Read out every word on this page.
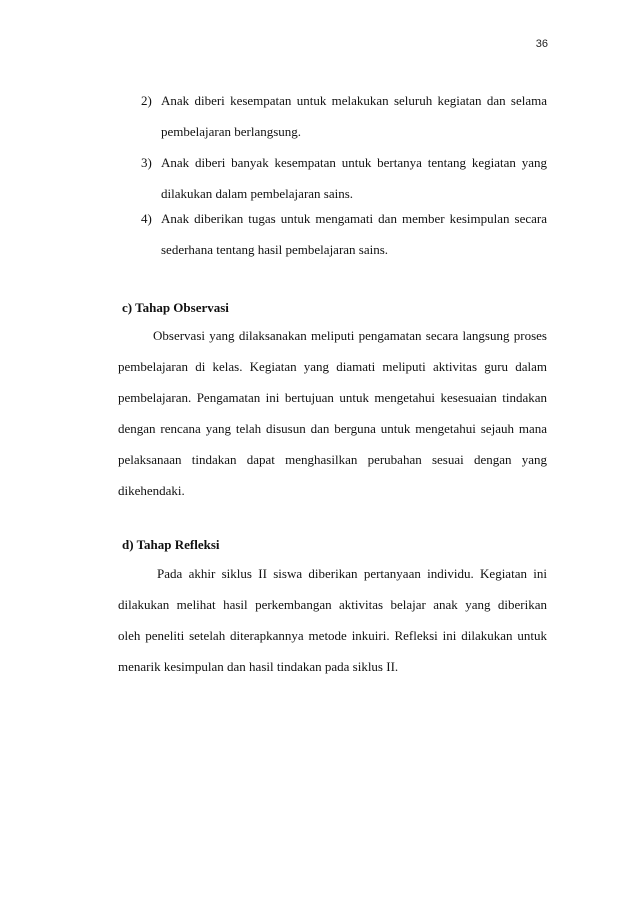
36
2) Anak diberi kesempatan untuk melakukan seluruh kegiatan dan selama
pembelajaran berlangsung.
3) Anak diberi banyak kesempatan untuk bertanya tentang kegiatan yang
dilakukan dalam pembelajaran sains.
4) Anak diberikan tugas untuk mengamati dan member kesimpulan secara
sederhana tentang hasil pembelajaran sains.
c) Tahap Observasi
Observasi yang dilaksanakan meliputi pengamatan secara langsung proses
pembelajaran di kelas. Kegiatan yang diamati meliputi aktivitas guru dalam
pembelajaran. Pengamatan ini bertujuan untuk mengetahui kesesuaian tindakan
dengan rencana yang telah disusun dan berguna untuk mengetahui sejauh mana
pelaksanaan tindakan dapat menghasilkan perubahan sesuai dengan yang
dikehendaki.
d) Tahap Refleksi
Pada akhir siklus II siswa diberikan pertanyaan individu. Kegiatan ini
dilakukan melihat hasil perkembangan aktivitas belajar anak yang diberikan
oleh peneliti setelah diterapkannya metode inkuiri. Refleksi ini dilakukan untuk
menarik kesimpulan dan hasil tindakan pada siklus II.
